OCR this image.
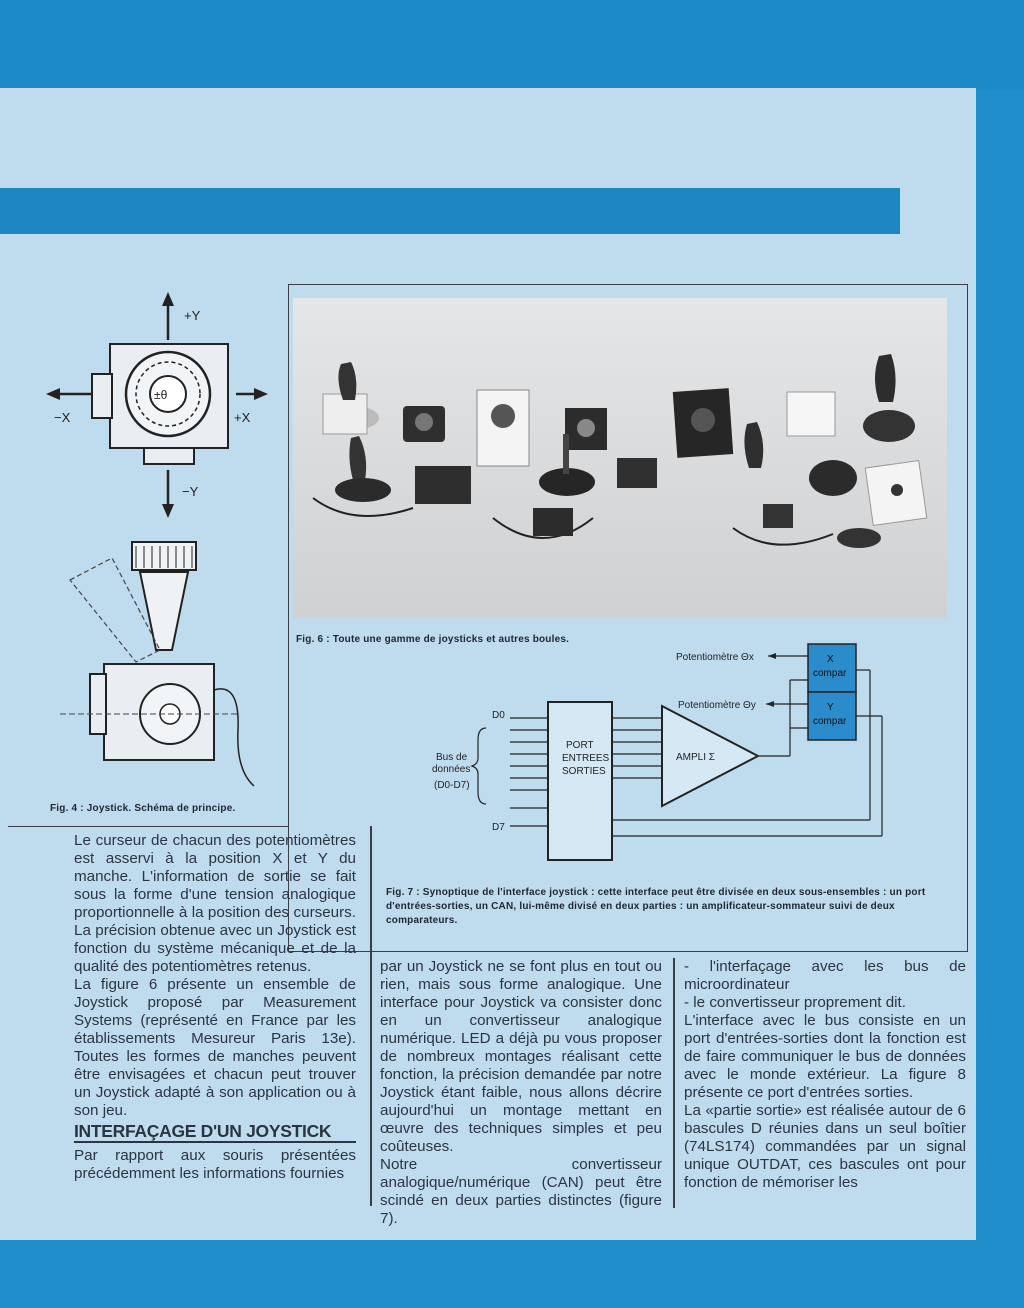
+Y
−Y
−X	+X
±θ
Fig. 4 : Joystick. Schéma de principe.
Fig. 6 : Toute une gamme de joysticks et autres boules.
Potentiomètre Θx
Potentiomètre Θy
X
compar
Y
compar
PORT
ENTREES
SORTIES
AMPLI Σ
D0
D7
Bus de
données
(D0-D7)
Fig. 7 : Synoptique de l'interface joystick : cette interface peut être divisée en deux sous-ensembles : un port d'entrées-sorties, un CAN, lui-même divisé en deux parties : un amplificateur-sommateur suivi de deux comparateurs.

Le curseur de chacun des potentiomètres est asservi à la position X et Y du manche. L'information de sortie se fait sous la forme d'une tension analogique proportionnelle à la position des curseurs. La précision obtenue avec un Joystick est fonction du système mécanique et de la qualité des potentiomètres retenus.

La figure 6 présente un ensemble de Joystick proposé par Measurement Systems (représenté en France par les établissements Mesureur Paris 13e). Toutes les formes de manches peuvent être envisagées et chacun peut trouver un Joystick adapté à son application ou à son jeu.

INTERFAÇAGE D'UN JOYSTICK

Par rapport aux souris présentées précédemment les informations fournies

par un Joystick ne se font plus en tout ou rien, mais sous forme analogique. Une interface pour Joystick va consister donc en un convertisseur analogique numérique. LED a déjà pu vous proposer de nombreux montages réalisant cette fonction, la précision demandée par notre Joystick étant faible, nous allons décrire aujourd'hui un montage mettant en œuvre des techniques simples et peu coûteuses.

Notre convertisseur analogique/numérique (CAN) peut être scindé en deux parties distinctes (figure 7).

- l'interfaçage avec les bus de microordinateur

- le convertisseur proprement dit.

L'interface avec le bus consiste en un port d'entrées-sorties dont la fonction est de faire communiquer le bus de données avec le monde extérieur. La figure 8 présente ce port d'entrées sorties.

La «partie sortie» est réalisée autour de 6 bascules D réunies dans un seul boîtier (74LS174) commandées par un signal unique OUTDAT, ces bascules ont pour fonction de mémoriser les
